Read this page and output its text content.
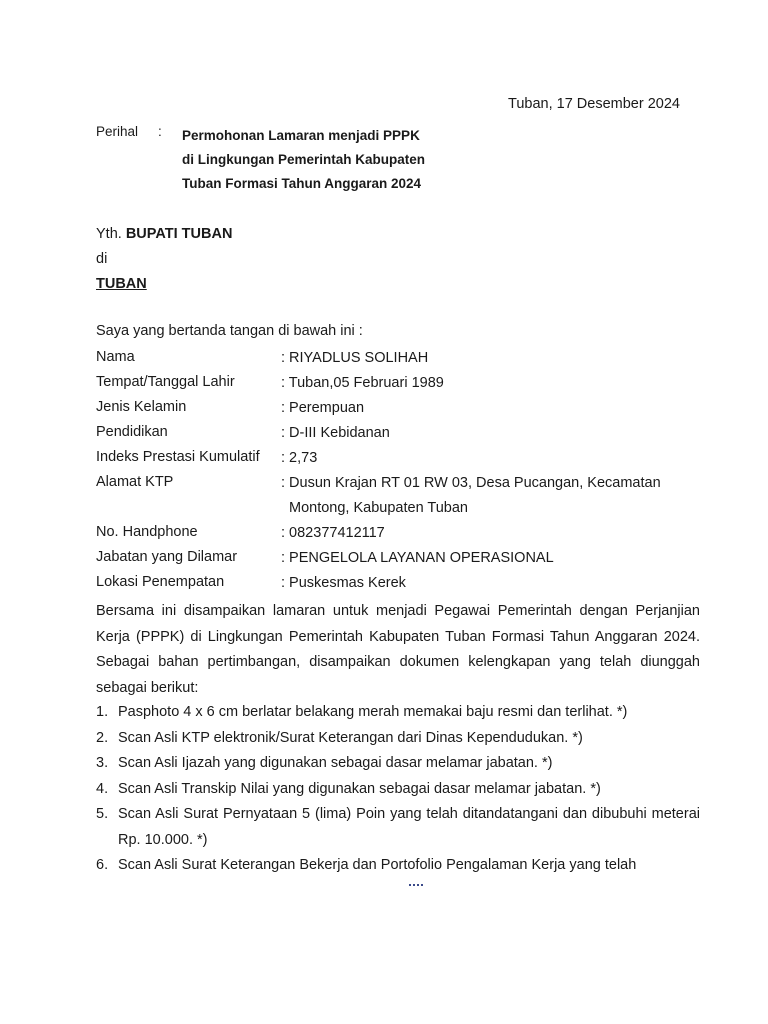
Tuban, 17 Desember 2024
Perihal	: Permohonan Lamaran menjadi PPPK
di Lingkungan Pemerintah Kabupaten
Tuban Formasi Tahun Anggaran 2024
Yth. BUPATI TUBAN
di
TUBAN
Saya yang bertanda tangan di bawah ini :
Nama	: RIYADLUS SOLIHAH
Tempat/Tanggal Lahir	: Tuban,05 Februari 1989
Jenis Kelamin	: Perempuan
Pendidikan	: D-III Kebidanan
Indeks Prestasi Kumulatif : 2,73
Alamat KTP	: Dusun Krajan RT 01 RW 03, Desa Pucangan, Kecamatan
Montong, Kabupaten Tuban
No. Handphone	: 082377412117
Jabatan yang Dilamar	: PENGELOLA LAYANAN OPERASIONAL
Lokasi Penempatan	: Puskesmas Kerek
Bersama ini disampaikan lamaran untuk menjadi Pegawai Pemerintah dengan Perjanjian Kerja (PPPK) di Lingkungan Pemerintah Kabupaten Tuban Formasi Tahun Anggaran 2024. Sebagai bahan pertimbangan, disampaikan dokumen kelengkapan yang telah diunggah sebagai berikut:
1. Pasphoto 4 x 6 cm berlatar belakang merah memakai baju resmi dan terlihat. *)
2. Scan Asli KTP elektronik/Surat Keterangan dari Dinas Kependudukan. *)
3. Scan Asli Ijazah yang digunakan sebagai dasar melamar jabatan. *)
4. Scan Asli Transkip Nilai yang digunakan sebagai dasar melamar jabatan. *)
5. Scan Asli Surat Pernyataan 5 (lima) Poin yang telah ditandatangani dan dibubuhi meterai Rp. 10.000. *)
6. Scan Asli Surat Keterangan Bekerja dan Portofolio Pengalaman Kerja yang telah
